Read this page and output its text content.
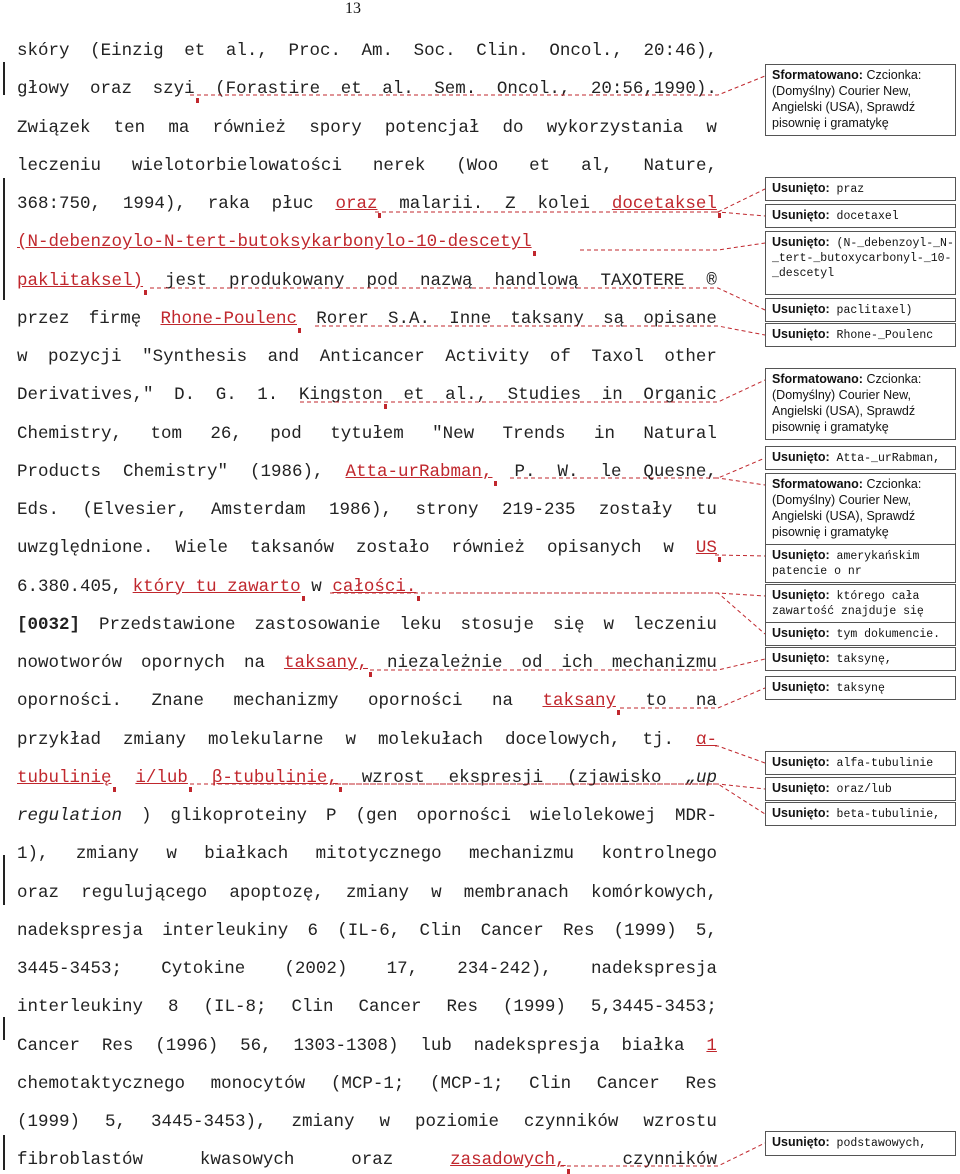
13
skóry (Einzig et al., Proc. Am. Soc. Clin. Oncol., 20:46),
głowy oraz szyi (Forastire et al. Sem. Oncol., 20:56,1990).
Związek ten ma również spory potencjał do wykorzystania w
leczeniu wielotorbielowatości nerek (Woo et al, Nature,
368:750, 1994), raka płuc oraz malarii. Z kolei docetaksel
(N-debenzoylo-N-tert-butoksykarbonylo-10-descetyl
paklitaksel) jest produkowany pod nazwą handlową TAXOTERE ®
przez firmę Rhone-Poulenc Rorer S.A. Inne taksany są opisane
w pozycji "Synthesis and Anticancer Activity of Taxol other
Derivatives," D. G. 1. Kingston et al., Studies in Organic
Chemistry, tom 26, pod tytułem "New Trends in Natural
Products Chemistry" (1986), Atta-urRabman, P. W. le Quesne,
Eds. (Elvesier, Amsterdam 1986), strony 219-235 zostały tu
uwzględnione. Wiele taksanów zostało również opisanych w US
6.380.405, który tu zawarto w całości.
[0032] Przedstawione zastosowanie leku stosuje się w leczeniu
nowotworów opornych na taksany, niezależnie od ich mechanizmu
oporności. Znane mechanizmy oporności na taksany to na
przykład zmiany molekularne w molekułach docelowych, tj. α-
tubulinię i/lub β-tubulinie, wzrost ekspresji (zjawisko „up
regulation ) glikoproteiny P (gen oporności wielolekowej MDR-
1), zmiany w białkach mitotycznego mechanizmu kontrolnego
oraz regulującego apoptozę, zmiany w membranach komórkowych,
nadekspresja interleukiny 6 (IL-6, Clin Cancer Res (1999) 5,
3445-3453; Cytokine (2002) 17, 234-242), nadekspresja
interleukiny 8 (IL-8; Clin Cancer Res (1999) 5,3445-3453;
Cancer Res (1996) 56, 1303-1308) lub nadekspresja białka 1
chemotaktycznego monocytów (MCP-1; (MCP-1; Clin Cancer Res
(1999) 5, 3445-3453), zmiany w poziomie czynników wzrostu
fibroblastów	kwasowych	oraz	zasadowych,	czynników
Sformatowano: Czcionka: (Domyślny) Courier New, Angielski (USA), Sprawdź pisownię i gramatykę
Usunięto: praz
Usunięto: docetaxel
Usunięto: (N-_debenzoyl-_N-_tert-_butoxycarbonyl-_10-_descetyl
Usunięto: paclitaxel)
Usunięto: Rhone-_Poulenc
Sformatowano: Czcionka: (Domyślny) Courier New, Angielski (USA), Sprawdź pisownię i gramatykę
Usunięto: Atta-_urRabman,
Sformatowano: Czcionka: (Domyślny) Courier New, Angielski (USA), Sprawdź pisownię i gramatykę
Usunięto: amerykańskim patencie o nr
Usunięto: którego cała zawartość znajduje się
Usunięto: tym dokumencie.
Usunięto: taksynę,
Usunięto: taksynę
Usunięto: alfa-tubulinie
Usunięto: oraz/lub
Usunięto: beta-tubulinie,
Usunięto: podstawowych,
